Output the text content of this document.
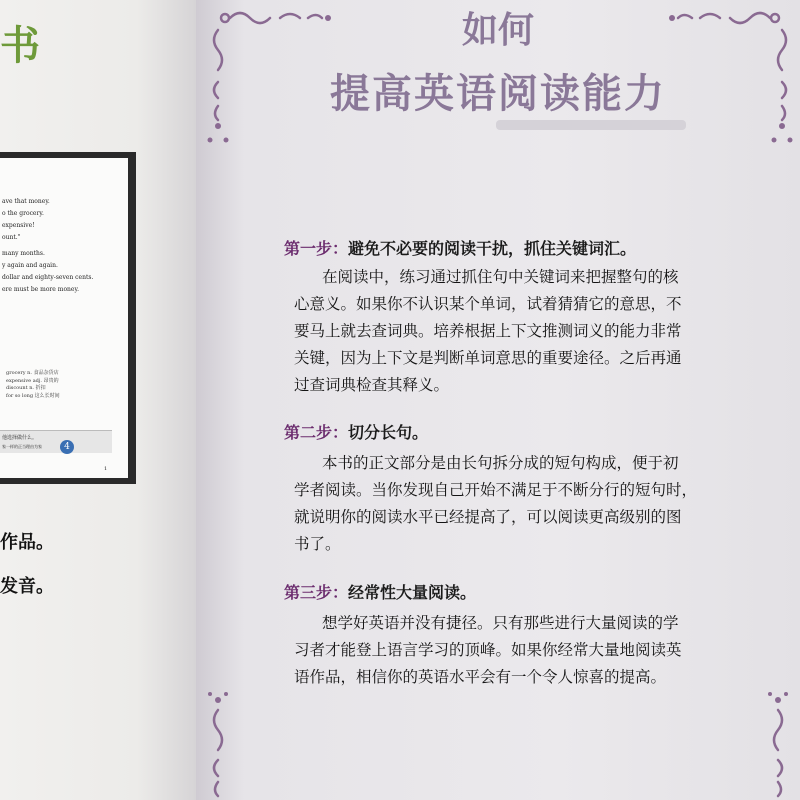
书
ave that money.
o the grocery.
expensive!
ount."
many months.
y again and again.
dollar and eighty-seven cents.
ere must be more money.
grocery n. 食品杂货店
expensive adj. 昂贵的
discount n. 折扣
for so long 这么长时间
他选择做什么。
家一样的正当理由为家	4
1
作品。
发音。
如何
提高英语阅读能力
第一步：避免不必要的阅读干扰，抓住关键词汇。
在阅读中，练习通过抓住句中关键词来把握整句的核
心意义。如果你不认识某个单词，试着猜猜它的意思，不
要马上就去查词典。培养根据上下文推测词义的能力非常
关键，因为上下文是判断单词意思的重要途径。之后再通
过查词典检查其释义。
第二步：切分长句。
本书的正文部分是由长句拆分成的短句构成，便于初
学者阅读。当你发现自己开始不满足于不断分行的短句时，
就说明你的阅读水平已经提高了，可以阅读更高级别的图
书了。
第三步：经常性大量阅读。
想学好英语并没有捷径。只有那些进行大量阅读的学
习者才能登上语言学习的顶峰。如果你经常大量地阅读英
语作品，相信你的英语水平会有一个令人惊喜的提高。
